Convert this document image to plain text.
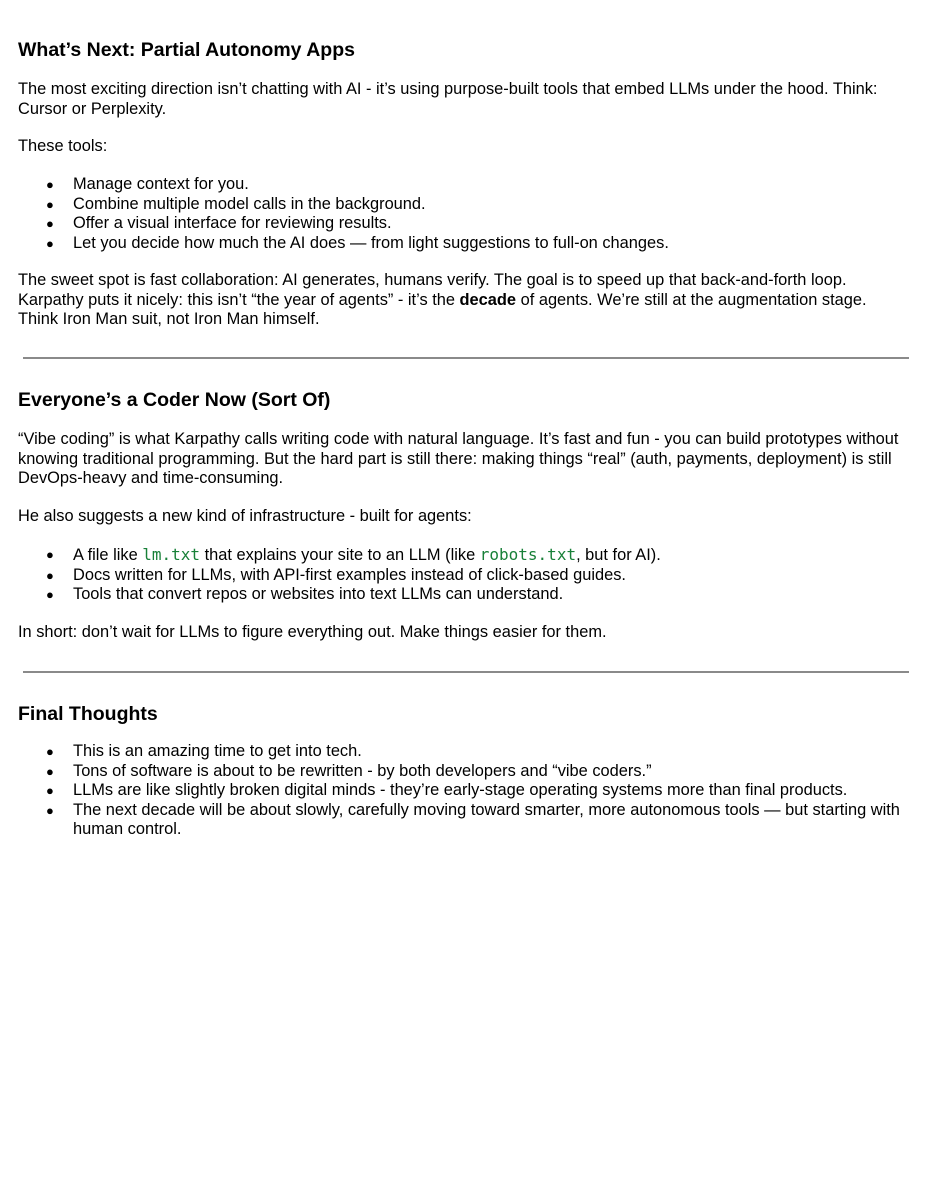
What’s Next: Partial Autonomy Apps

The most exciting direction isn’t chatting with AI - it’s using purpose-built tools that embed LLMs under the hood. Think: Cursor or Perplexity.

These tools:

● Manage context for you.
● Combine multiple model calls in the background.
● Offer a visual interface for reviewing results.
● Let you decide how much the AI does — from light suggestions to full-on changes.

The sweet spot is fast collaboration: AI generates, humans verify. The goal is to speed up that back-and-forth loop. Karpathy puts it nicely: this isn’t “the year of agents” - it’s the decade of agents. We’re still at the augmentation stage. Think Iron Man suit, not Iron Man himself.

Everyone’s a Coder Now (Sort Of)

“Vibe coding” is what Karpathy calls writing code with natural language. It’s fast and fun - you can build prototypes without knowing traditional programming. But the hard part is still there: making things “real” (auth, payments, deployment) is still DevOps-heavy and time-consuming.

He also suggests a new kind of infrastructure - built for agents:

● A file like lm.txt that explains your site to an LLM (like robots.txt, but for AI).
● Docs written for LLMs, with API-first examples instead of click-based guides.
● Tools that convert repos or websites into text LLMs can understand.

In short: don’t wait for LLMs to figure everything out. Make things easier for them.

Final Thoughts
● This is an amazing time to get into tech.
● Tons of software is about to be rewritten - by both developers and “vibe coders.”
● LLMs are like slightly broken digital minds - they’re early-stage operating systems more than final products.
● The next decade will be about slowly, carefully moving toward smarter, more autonomous tools — but starting with human control.
